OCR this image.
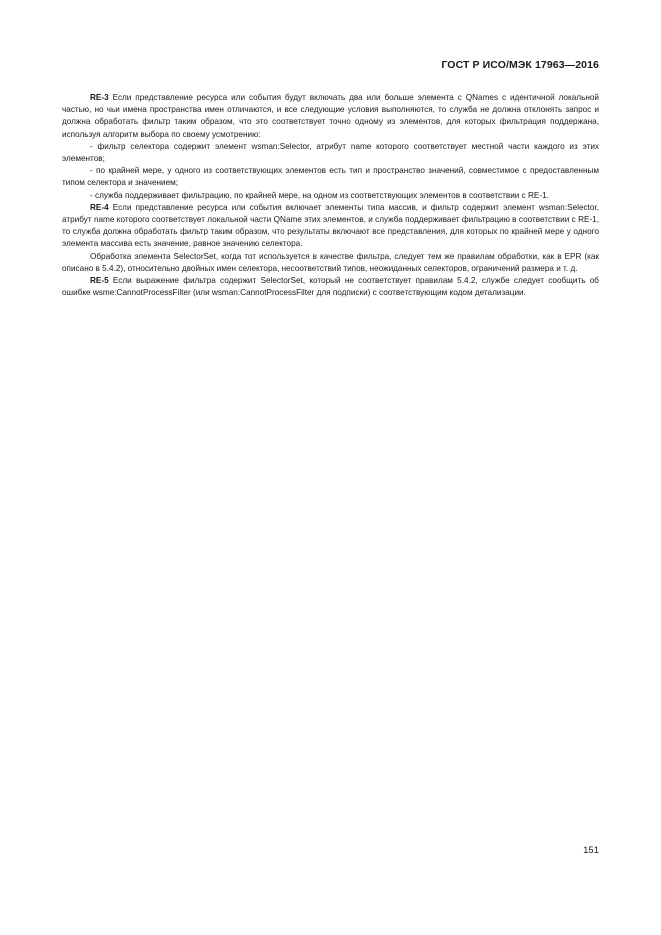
ГОСТ Р ИСО/МЭК 17963—2016

RE-3 Если представление ресурса или события будут включать два или больше элемента с QNames с идентичной локальной частью, но чьи имена пространства имен отличаются, и все следующие условия выполняются, то служба не должна отклонять запрос и должна обработать фильтр таким образом, что это соответствует точно одному из элементов, для которых фильтрация поддержана, используя алгоритм выбора по своему усмотрению:

- фильтр селектора содержит элемент wsman:Selector, атрибут name которого соответствует местной части каждого из этих элементов;

- по крайней мере, у одного из соответствующих элементов есть тип и пространство значений, совместимое с предоставленным типом селектора и значением;

- служба поддерживает фильтрацию, по крайней мере, на одном из соответствующих элементов в соответствии с RE-1.

RE-4 Если представление ресурса или события включает элементы типа массив, и фильтр содержит элемент wsman:Selector, атрибут name которого соответствует локальной части QName этих элементов, и служба поддерживает фильтрацию в соответствии с RE-1, то служба должна обработать фильтр таким образом, что результаты включают все представления, для которых по крайней мере у одного элемента массива есть значение, равное значению селектора.

Обработка элемента SelectorSet, когда тот используется в качестве фильтра, следует тем же правилам обработки, как в EPR (как описано в 5.4.2), относительно двойных имен селектора, несоответствий типов, неожиданных селекторов, ограничений размера и т. д.

RE-5 Если выражение фильтра содержит SelectorSet, который не соответствует правилам 5.4.2, службе следует сообщить об ошибке wsme:CannotProcessFilter (или wsman:CannotProcessFilter для подписки) с соответствующим кодом детализации.

151
